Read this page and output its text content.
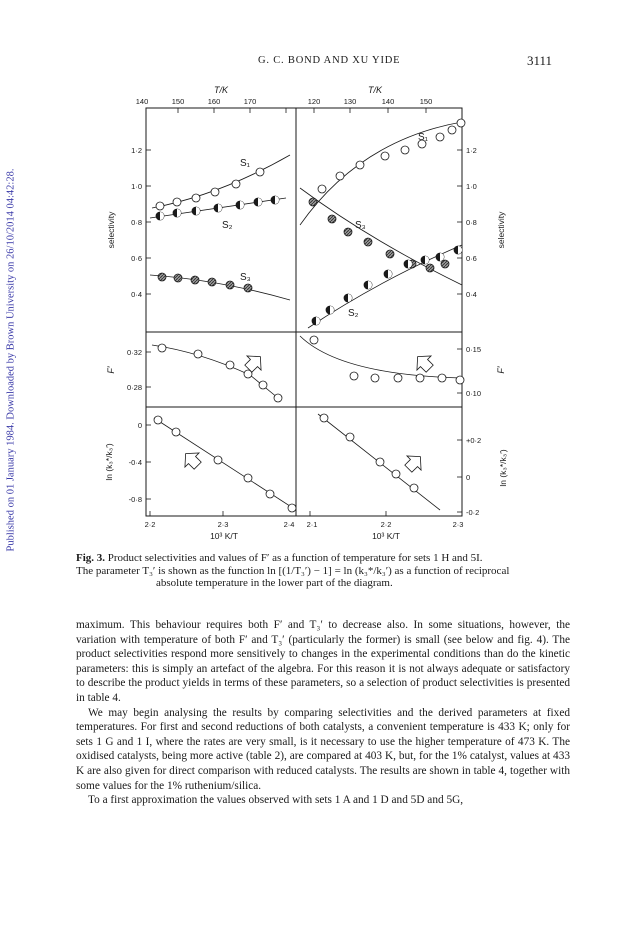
Published on 01 January 1984. Downloaded by Brown University on 26/10/2014 04:42:28.
G. C. BOND AND XU YIDE	3111
T/K	T/K
140	150	160	170	120	130	140	150
1·2
1·0
0·8
0·6
0·4
selectivity
0·32
0·28
F′
0
-0·4
-0·8
ln (k₃*/k₃′)
1·2
1·0
0·8
0·6
0·4
selectivity
0·15
0·10
F′
+0·2
0
-0·2
ln (k₃*/k₃′)
2·2	2·3	2·4 2·1	2·2	2·3
10³ K/T	10³ K/T
S₁
S₂
S₃
S₁
S₃
S₂
Fig. 3. Product selectivities and values of F′ as a function of temperature for sets 1 H and 5I.
The parameter T₃′ is shown as the function ln [(1/T₃′) − 1] = ln (k₃*/k₃′) as a function of reciprocal
absolute temperature in the lower part of the diagram.

maximum. This behaviour requires both F′ and T₃′ to decrease also. In some situations, however, the variation with temperature of both F′ and T₃′ (particularly the former) is small (see below and fig. 4). The product selectivities respond more sensitively to changes in the experimental conditions than do the kinetic parameters: this is simply an artefact of the algebra. For this reason it is not always adequate or satisfactory to describe the product yields in terms of these parameters, so a selection of product selectivities is presented in table 4.

We may begin analysing the results by comparing selectivities and the derived parameters at fixed temperatures. For first and second reductions of both catalysts, a convenient temperature is 433 K; only for sets 1 G and 1 I, where the rates are very small, is it necessary to use the higher temperature of 473 K. The oxidised catalysts, being more active (table 2), are compared at 403 K, but, for the 1% catalyst, values at 433 K are also given for direct comparison with reduced catalysts. The results are shown in table 4, together with some values for the 1% ruthenium/silica.

To a first approximation the values observed with sets 1 A and 1 D and 5D and 5G,
